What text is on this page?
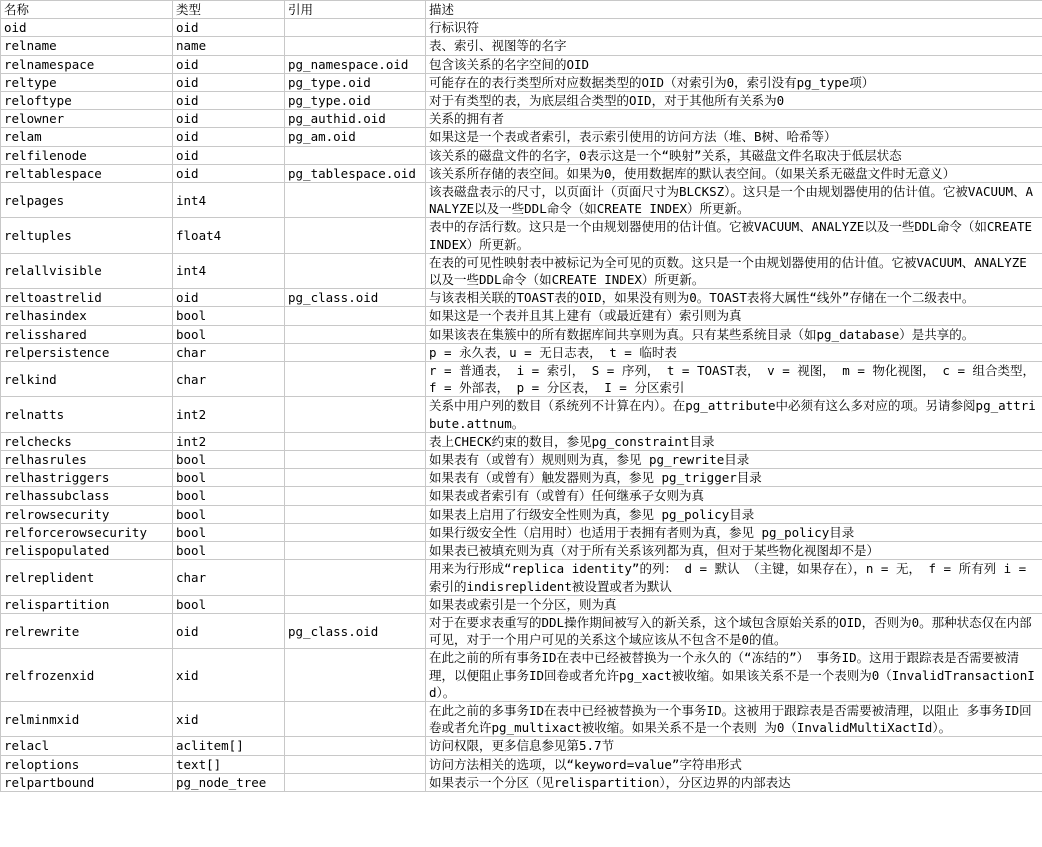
名称	类型	引用	描述
oid	oid		行标识符
relname	name		表、索引、视图等的名字
relnamespace	oid	pg_namespace.oid	包含该关系的名字空间的OID
reltype	oid	pg_type.oid	可能存在的表行类型所对应数据类型的OID（对索引为0，索引没有pg_type项）
reloftype	oid	pg_type.oid	对于有类型的表，为底层组合类型的OID，对于其他所有关系为0
relowner	oid	pg_authid.oid	关系的拥有者
relam	oid	pg_am.oid	如果这是一个表或者索引，表示索引使用的访问方法（堆、B树、哈希等）
relfilenode	oid		该关系的磁盘文件的名字，0表示这是一个“映射”关系，其磁盘文件名取决于低层状态
reltablespace	oid	pg_tablespace.oid	该关系所存储的表空间。如果为0，使用数据库的默认表空间。（如果关系无磁盘文件时无意义）
relpages	int4		该表磁盘表示的尺寸，以页面计（页面尺寸为BLCKSZ）。这只是一个由规划器使用的估计值。它被VACUUM、ANALYZE以及一些DDL命令（如CREATE INDEX）所更新。
reltuples	float4		表中的存活行数。这只是一个由规划器使用的估计值。它被VACUUM、ANALYZE以及一些DDL命令（如CREATE INDEX）所更新。
relallvisible	int4		在表的可见性映射表中被标记为全可见的页数。这只是一个由规划器使用的估计值。它被VACUUM、ANALYZE以及一些DDL命令（如CREATE INDEX）所更新。
reltoastrelid	oid	pg_class.oid	与该表相关联的TOAST表的OID，如果没有则为0。TOAST表将大属性“线外”存储在一个二级表中。
relhasindex	bool		如果这是一个表并且其上建有（或最近建有）索引则为真
relisshared	bool		如果该表在集簇中的所有数据库间共享则为真。只有某些系统目录（如pg_database）是共享的。
relpersistence	char		p = 永久表，u = 无日志表， t = 临时表
relkind	char		r = 普通表， i = 索引， S = 序列， t = TOAST表， v = 视图， m = 物化视图， c = 组合类型， f = 外部表， p = 分区表， I = 分区索引
relnatts	int2		关系中用户列的数目（系统列不计算在内）。在pg_attribute中必须有这么多对应的项。另请参阅pg_attribute.attnum。
relchecks	int2		表上CHECK约束的数目，参见pg_constraint目录
relhasrules	bool		如果表有（或曾有）规则则为真，参见 pg_rewrite目录
relhastriggers	bool		如果表有（或曾有）触发器则为真，参见 pg_trigger目录
relhassubclass	bool		如果表或者索引有（或曾有）任何继承子女则为真
relrowsecurity	bool		如果表上启用了行级安全性则为真，参见 pg_policy目录
relforcerowsecurity	bool		如果行级安全性（启用时）也适用于表拥有者则为真，参见 pg_policy目录
relispopulated	bool		如果表已被填充则为真（对于所有关系该列都为真，但对于某些物化视图却不是）
relreplident	char		用来为行形成“replica identity”的列： d = 默认 （主键，如果存在），n = 无， f = 所有列 i = 索引的indisreplident被设置或者为默认
relispartition	bool		如果表或索引是一个分区，则为真
relrewrite	oid	pg_class.oid	对于在要求表重写的DDL操作期间被写入的新关系，这个域包含原始关系的OID，否则为0。那种状态仅在内部可见，对于一个用户可见的关系这个域应该从不包含不是0的值。
relfrozenxid	xid		在此之前的所有事务ID在表中已经被替换为一个永久的（“冻结的”） 事务ID。这用于跟踪表是否需要被清理，以便阻止事务ID回卷或者允许pg_xact被收缩。如果该关系不是一个表则为0（InvalidTransactionId）。
relminmxid	xid		在此之前的多事务ID在表中已经被替换为一个事务ID。这被用于跟踪表是否需要被清理，以阻止 多事务ID回卷或者允许pg_multixact被收缩。如果关系不是一个表则 为0（InvalidMultiXactId）。
relacl	aclitem[]		访问权限，更多信息参见第5.7节
reloptions	text[]		访问方法相关的选项，以“keyword=value”字符串形式
relpartbound	pg_node_tree		如果表示一个分区（见relispartition），分区边界的内部表达
